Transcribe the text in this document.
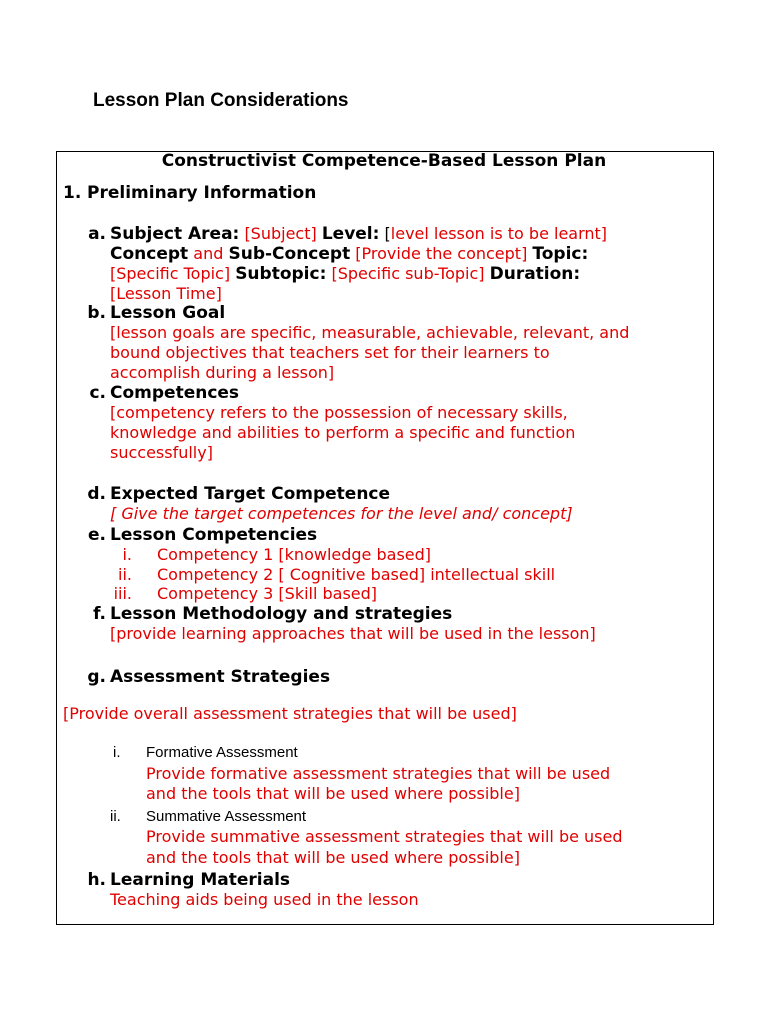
Lesson Plan Considerations
Constructivist Competence-Based Lesson Plan
1. Preliminary Information
a. Subject Area: [Subject] Level: [level lesson is to be learnt]
Concept and Sub-Concept [Provide the concept] Topic:
[Specific Topic] Subtopic: [Specific sub-Topic] Duration:
[Lesson Time]
b. Lesson Goal
[lesson goals are specific, measurable, achievable, relevant, and
bound objectives that teachers set for their learners to
accomplish during a lesson]
c. Competences
[competency refers to the possession of necessary skills,
knowledge and abilities to perform a specific and function
successfully]
d. Expected Target Competence
[ Give the target competences for the level and/ concept]
e. Lesson Competencies
i. Competency 1 [knowledge based]
ii. Competency 2 [ Cognitive based] intellectual skill
iii. Competency 3 [Skill based]
f. Lesson Methodology and strategies
[provide learning approaches that will be used in the lesson]
g. Assessment Strategies
[Provide overall assessment strategies that will be used]
i. Formative Assessment
Provide formative assessment strategies that will be used
and the tools that will be used where possible]
ii. Summative Assessment
Provide summative assessment strategies that will be used
and the tools that will be used where possible]
h. Learning Materials
Teaching aids being used in the lesson
